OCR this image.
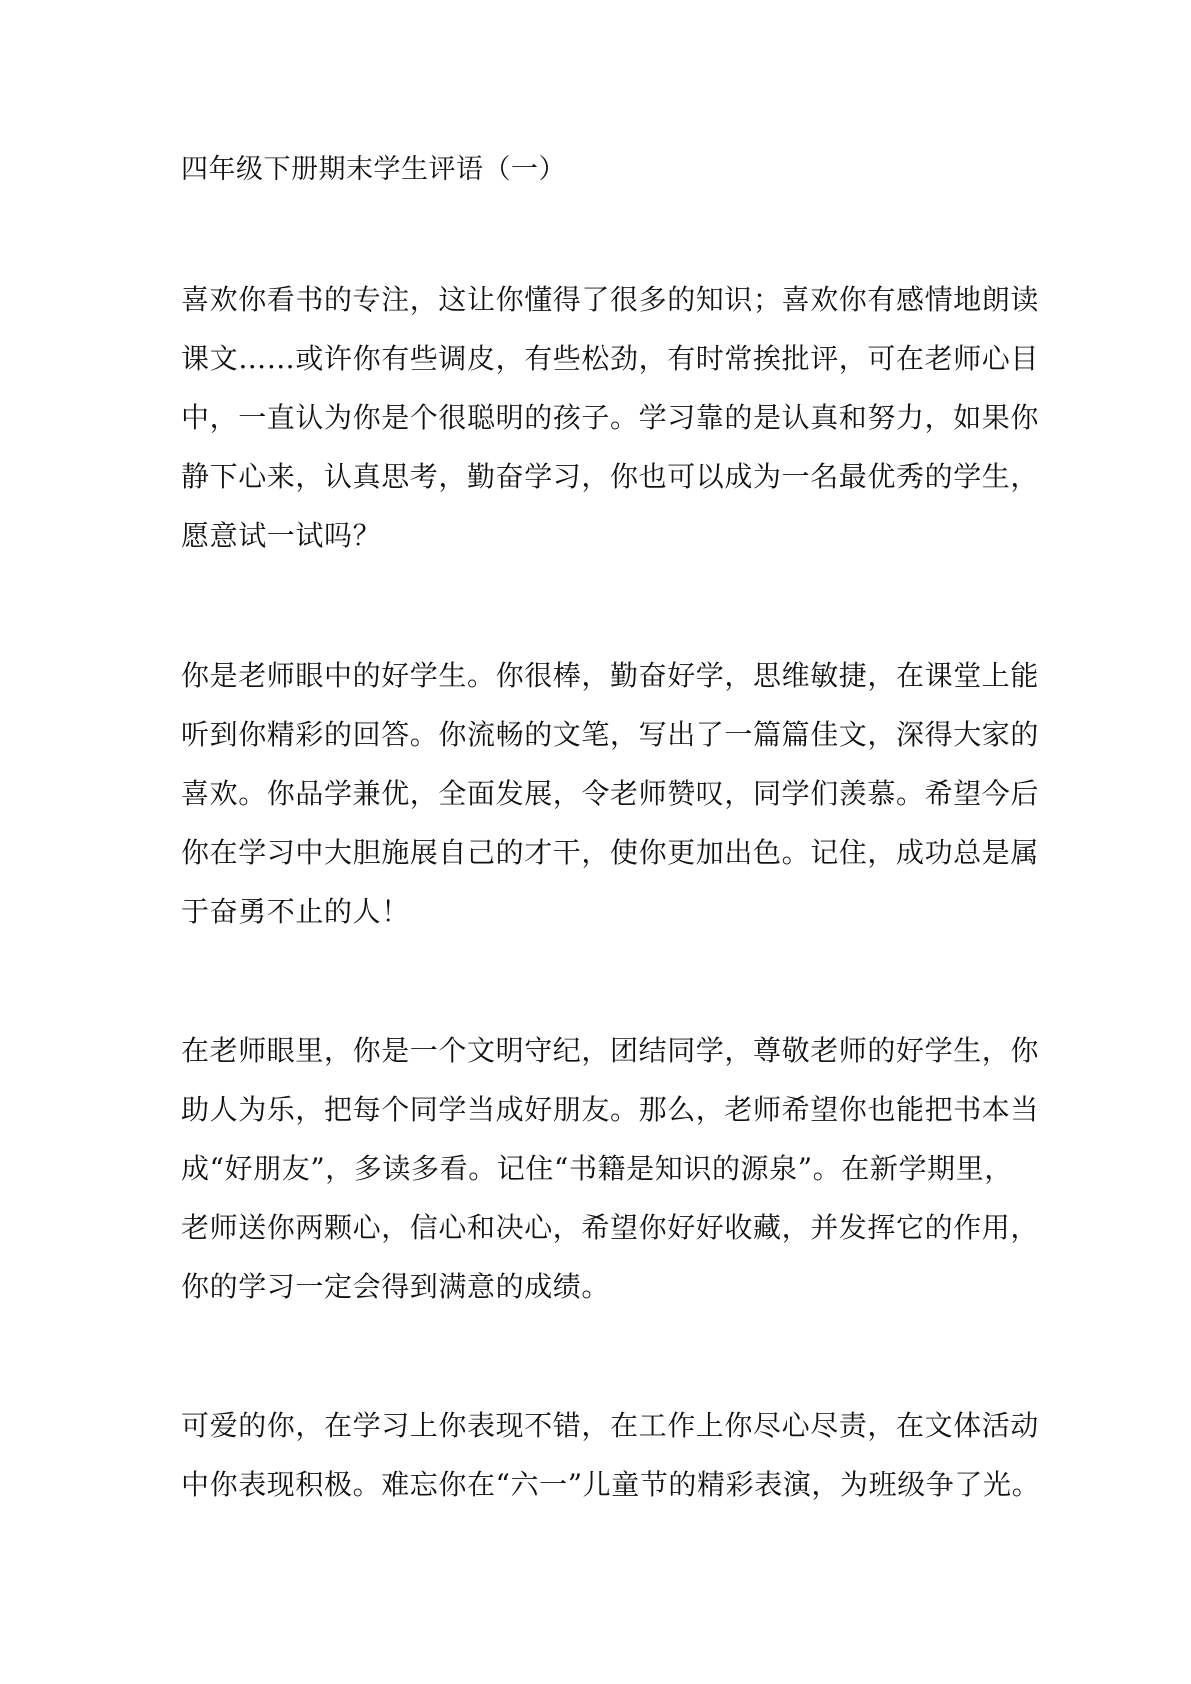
四年级下册期末学生评语（一）

喜欢你看书的专注，这让你懂得了很多的知识；喜欢你有感情地朗读
课文……或许你有些调皮，有些松劲，有时常挨批评，可在老师心目
中，一直认为你是个很聪明的孩子。学习靠的是认真和努力，如果你
静下心来，认真思考，勤奋学习，你也可以成为一名最优秀的学生，
愿意试一试吗？

你是老师眼中的好学生。你很棒，勤奋好学，思维敏捷，在课堂上能
听到你精彩的回答。你流畅的文笔，写出了一篇篇佳文，深得大家的
喜欢。你品学兼优，全面发展，令老师赞叹，同学们羡慕。希望今后
你在学习中大胆施展自己的才干，使你更加出色。记住，成功总是属
于奋勇不止的人！

在老师眼里，你是一个文明守纪，团结同学，尊敬老师的好学生，你
助人为乐，把每个同学当成好朋友。那么，老师希望你也能把书本当
成“好朋友”，多读多看。记住“书籍是知识的源泉”。在新学期里，
老师送你两颗心，信心和决心，希望你好好收藏，并发挥它的作用，
你的学习一定会得到满意的成绩。

可爱的你，在学习上你表现不错，在工作上你尽心尽责，在文体活动
中你表现积极。难忘你在“六一”儿童节的精彩表演，为班级争了光。
